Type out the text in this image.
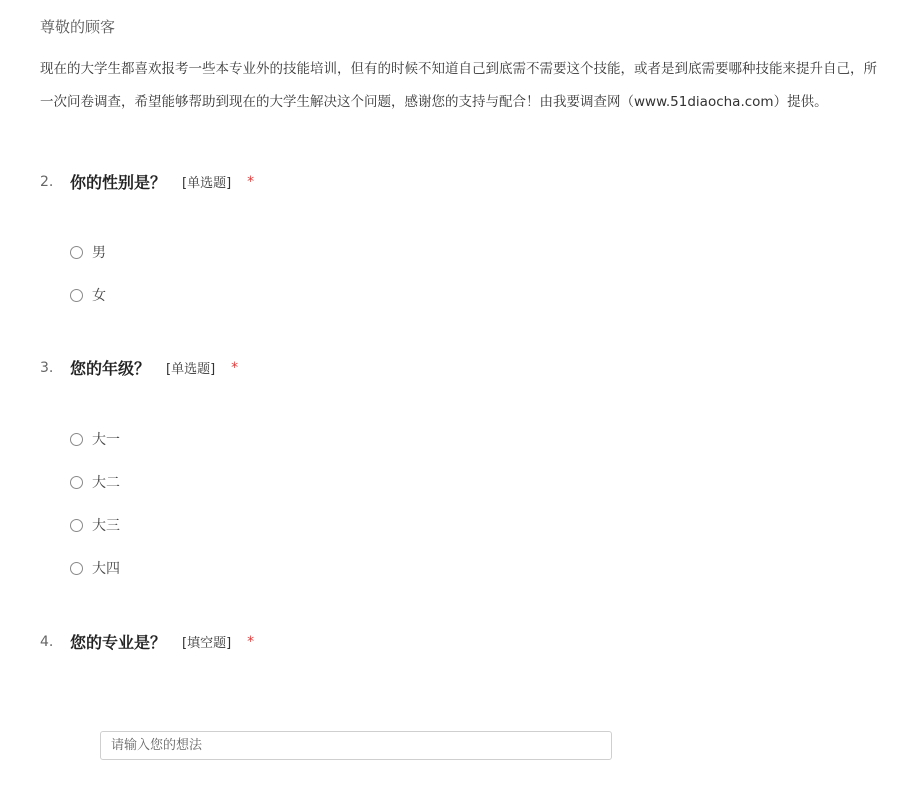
尊敬的顾客
现在的大学生都喜欢报考一些本专业外的技能培训，但有的时候不知道自己到底需不需要这个技能，或者是到底需要哪种技能来提升自己，所
一次问卷调查，希望能够帮助到现在的大学生解决这个问题，感谢您的支持与配合！由我要调查网（www.51diaocha.com）提供。
2.	你的性别是？ [单选题] *
男
女
3.	您的年级？ [单选题] *
大一
大二
大三
大四
4.	您的专业是？ [填空题] *
请输入您的想法
